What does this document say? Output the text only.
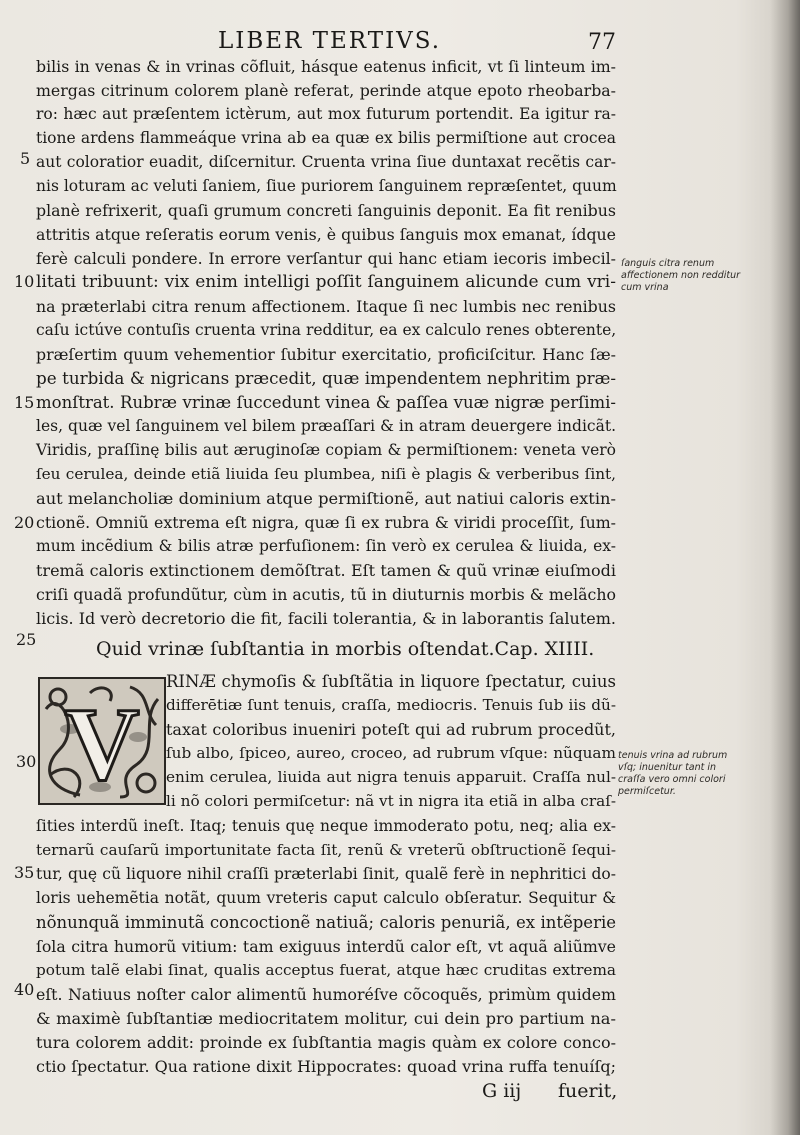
LIBER TERTIVS.	77
bilis in venas & in vrinas cõfluit, hásque eatenus inficit, vt ſi linteum im-
mergas citrinum colorem planè referat, perinde atque epoto rheobarba-
ro: hæc aut præſentem ictèrum, aut mox futurum portendit. Ea igitur ra-
tione ardens flammeáque vrina ab ea quæ ex bilis permiſtione aut crocea
aut coloratior euadit, diſcernitur. Cruenta vrina ſiue duntaxat recẽtis car-
nis loturam ac veluti ſaniem, ſiue puriorem ſanguinem repræſentet, quum
planè refrixerit, quaſi grumum concreti ſanguinis deponit. Ea fit renibus
attritis atque reſeratis eorum venis, è quibus ſanguis mox emanat, ídque
ferè calculi pondere. In errore verſantur qui hanc etiam iecoris imbecil-
litati tribuunt: vix enim intelligi poſſit ſanguinem alicunde cum vri-
na præterlabi citra renum affectionem. Itaque ſi nec lumbis nec renibus
caſu ictúve contuſis cruenta vrina redditur, ea ex calculo renes obterente,
præſertim quum vehementior ſubitur exercitatio, proficiſcitur. Hanc ſæ-
pe turbida & nigricans præcedit, quæ impendentem nephritim præ-
monſtrat. Rubræ vrinæ ſuccedunt vinea & paſſea vuæ nigræ perſimi-
les, quæ vel ſanguinem vel bilem præaſſari & in atram deuergere indicãt.
Viridis, praſſinę bilis aut æruginoſæ copiam & permiſtionem: veneta verò
ſeu cerulea, deinde etiã liuida ſeu plumbea, niſi è plagis & verberibus ſint,
aut melancholiæ dominium atque permiſtionẽ, aut natiui caloris extin-
ctionẽ. Omniũ extrema eſt nigra, quæ ſi ex rubra & viridi proceſſit, ſum-
mum incẽdium & bilis atræ perfuſionem: ſin verò ex cerulea & liuida, ex-
tremã caloris extinctionem demõſtrat. Eſt tamen & quũ vrinæ eiuſmodi
criſi quadã profundũtur, cùm in acutis, tũ in diuturnis morbis & melãcho
licis. Id verò decretorio die fit, facili tolerantia, & in laborantis ſalutem.
5
10
15
20
25
30
35
40
ſanguis citra renum
affectionem non redditur
cum vrina
tenuis vrina ad rubrum
vſq; inuenitur tant in
craſſa vero omni colori
permiſcetur.
Quid vrinæ ſubſtantia in morbis oſtendat. Cap. XIIII.
V
RINÆ chymoſis & ſubſtãtia in liquore ſpectatur, cuius
differētiæ ſunt tenuis, craſſa, mediocris. Tenuis ſub iis dũ-
taxat coloribus inueniri poteſt qui ad rubrum procedũt,
ſub albo, ſpiceo, aureo, croceo, ad rubrum vſque: nũquam
enim cerulea, liuida aut nigra tenuis apparuit. Craſſa nul-
li nõ colori permiſcetur: nã vt in nigra ita etiã in alba craſ-
ſities interdũ ineſt. Itaq; tenuis quę neque immoderato potu, neq; alia ex-
ternarũ cauſarũ importunitate facta ſit, renũ & vreterũ obſtructionẽ ſequi-
tur, quę cũ liquore nihil craſſi præterlabi ſinit, qualẽ ferè in nephritici do-
loris uehemẽtia notãt, quum vreteris caput calculo obſeratur. Sequitur &
nõnunquã imminutã concoctionẽ natiuã; caloris penuriã, ex intẽperie
ſola citra humorũ vitium: tam exiguus interdũ calor eſt, vt aquã aliũmve
potum talẽ elabi ſinat, qualis acceptus fuerat, atque hæc cruditas extrema
eſt. Natiuus noſter calor alimentũ humoréſve cõcoquẽs, primùm quidem
& maximè ſubſtantiæ mediocritatem molitur, cui dein pro partium na-
tura colorem addit: proinde ex ſubſtantia magis quàm ex colore conco-
ctio ſpectatur. Qua ratione dixit Hippocrates: quoad vrina ruffa tenuíſq;
G iij fuerit,
